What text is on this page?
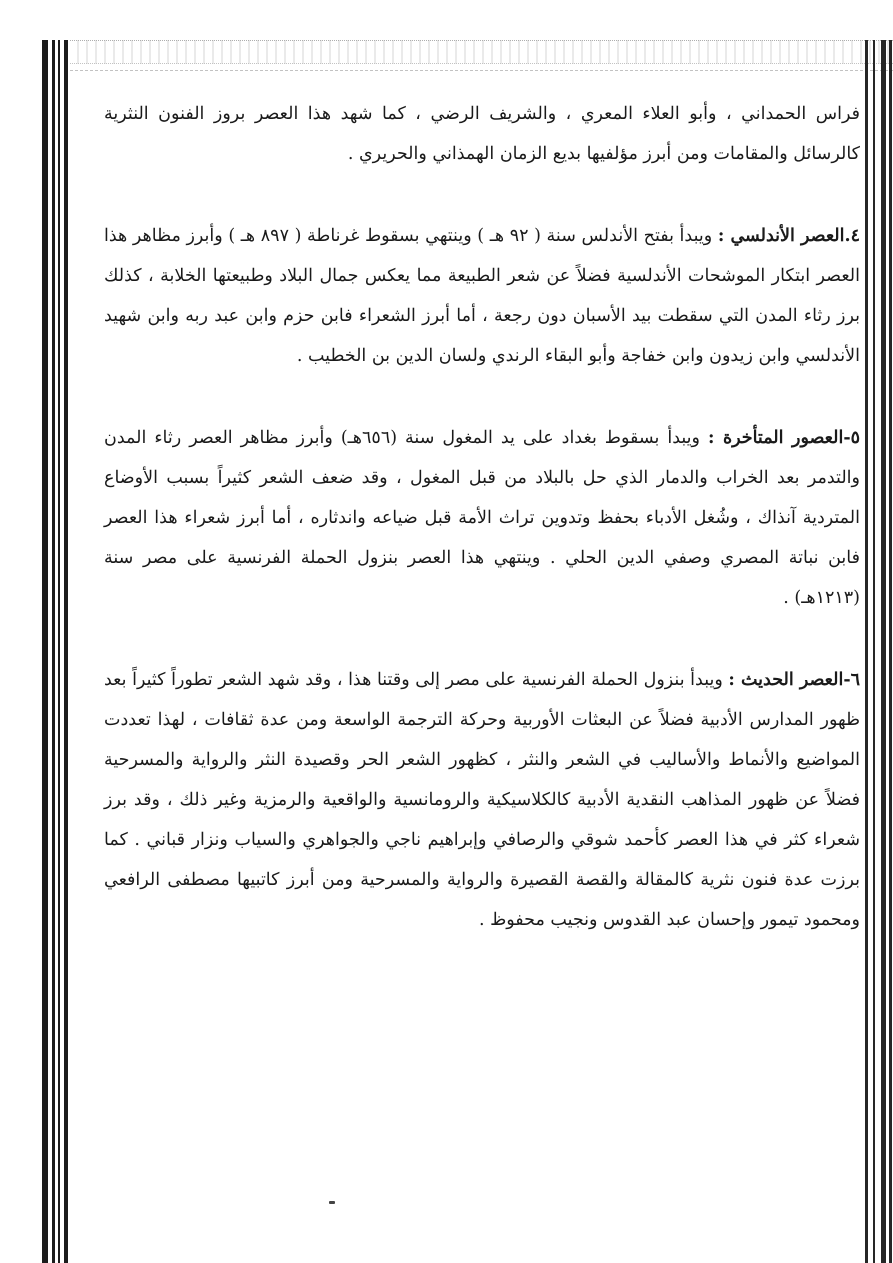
فراس الحمداني ، وأبو العلاء المعري ، والشريف الرضي ، كما شهد هذا العصر بروز الفنون النثرية كالرسائل والمقامات ومن أبرز مؤلفيها بديع الزمان الهمذاني والحريري .

٤.العصر الأندلسي : ويبدأ بفتح الأندلس سنة ( ٩٢ هـ ) وينتهي بسقوط غرناطة ( ٨٩٧ هـ ) وأبرز مظاهر هذا العصر ابتكار الموشحات الأندلسية فضلاً عن شعر الطبيعة مما يعكس جمال البلاد وطبيعتها الخلابة ، كذلك برز رثاء المدن التي سقطت بيد الأسبان دون رجعة ، أما أبرز الشعراء فابن حزم وابن عبد ربه وابن شهيد الأندلسي وابن زيدون وابن خفاجة وأبو البقاء الرندي ولسان الدين بن الخطيب .

٥-العصور المتأخرة : ويبدأ بسقوط بغداد على يد المغول سنة (٦٥٦هـ) وأبرز مظاهر العصر رثاء المدن والتدمر بعد الخراب والدمار الذي حل بالبلاد من قبل المغول ، وقد ضعف الشعر كثيراً بسبب الأوضاع المتردية آنذاك ، وشُغل الأدباء بحفظ وتدوين تراث الأمة قبل ضياعه واندثاره ، أما أبرز شعراء هذا العصر فابن نباتة المصري وصفي الدين الحلي . وينتهي هذا العصر بنزول الحملة الفرنسية على مصر سنة (١٢١٣هـ) .

٦-العصر الحديث : ويبدأ بنزول الحملة الفرنسية على مصر إلى وقتنا هذا ، وقد شهد الشعر تطوراً كثيراً بعد ظهور المدارس الأدبية فضلاً عن البعثات الأوربية وحركة الترجمة الواسعة ومن عدة ثقافات ، لهذا تعددت المواضيع والأنماط والأساليب في الشعر والنثر ، كظهور الشعر الحر وقصيدة النثر والرواية والمسرحية فضلاً عن ظهور المذاهب النقدية الأدبية كالكلاسيكية والرومانسية والواقعية والرمزية وغير ذلك ، وقد برز شعراء كثر في هذا العصر كأحمد شوقي والرصافي وإبراهيم ناجي والجواهري والسياب ونزار قباني . كما برزت عدة فنون نثرية كالمقالة والقصة القصيرة والرواية والمسرحية ومن أبرز كاتبيها مصطفى الرافعي ومحمود تيمور وإحسان عبد القدوس ونجيب محفوظ .
